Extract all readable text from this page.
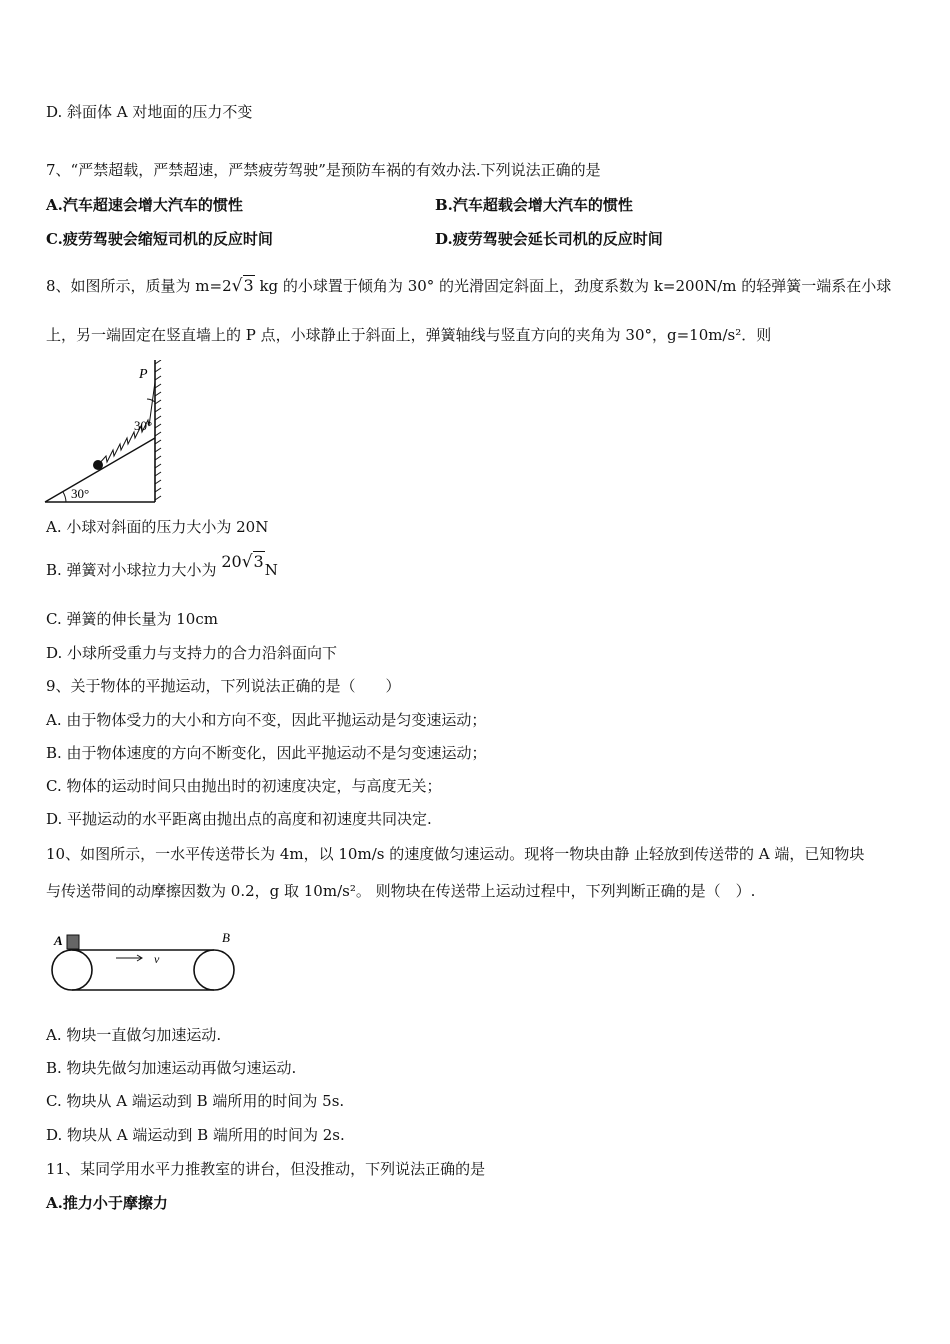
D. 斜面体 A 对地面的压力不变
7、“严禁超载，严禁超速，严禁疲劳驾驶”是预防车祸的有效办法.下列说法正确的是
A.汽车超速会增大汽车的惯性	B.汽车超载会增大汽车的惯性
C.疲劳驾驶会缩短司机的反应时间	D.疲劳驾驶会延长司机的反应时间
8、如图所示，质量为 m=2√3 kg 的小球置于倾角为 30° 的光滑固定斜面上，劲度系数为 k=200N/m 的轻弹簧一端系在小球
上，另一端固定在竖直墙上的 P 点，小球静止于斜面上，弹簧轴线与竖直方向的夹角为 30°，g=10m/s²．则
30°
30°
P
A. 小球对斜面的压力大小为 20N
B. 弹簧对小球拉力大小为 20√3N
C. 弹簧的伸长量为 10cm
D. 小球所受重力与支持力的合力沿斜面向下
9、关于物体的平抛运动，下列说法正确的是（　　）
A. 由于物体受力的大小和方向不变，因此平抛运动是匀变速运动；
B. 由于物体速度的方向不断变化，因此平抛运动不是匀变速运动；
C. 物体的运动时间只由抛出时的初速度决定，与高度无关；
D. 平抛运动的水平距离由抛出点的高度和初速度共同决定.
10、如图所示，一水平传送带长为 4m，以 10m/s 的速度做匀速运动。现将一物块由静 止轻放到传送带的 A 端，已知物块
与传送带间的动摩擦因数为 0.2，g 取 10m/s²。 则物块在传送带上运动过程中，下列判断正确的是（　）.
A	B
v
A. 物块一直做匀加速运动.
B. 物块先做匀加速运动再做匀速运动.
C. 物块从 A 端运动到 B 端所用的时间为 5s.
D. 物块从 A 端运动到 B 端所用的时间为 2s.
11、某同学用水平力推教室的讲台，但没推动，下列说法正确的是
A.推力小于摩擦力
